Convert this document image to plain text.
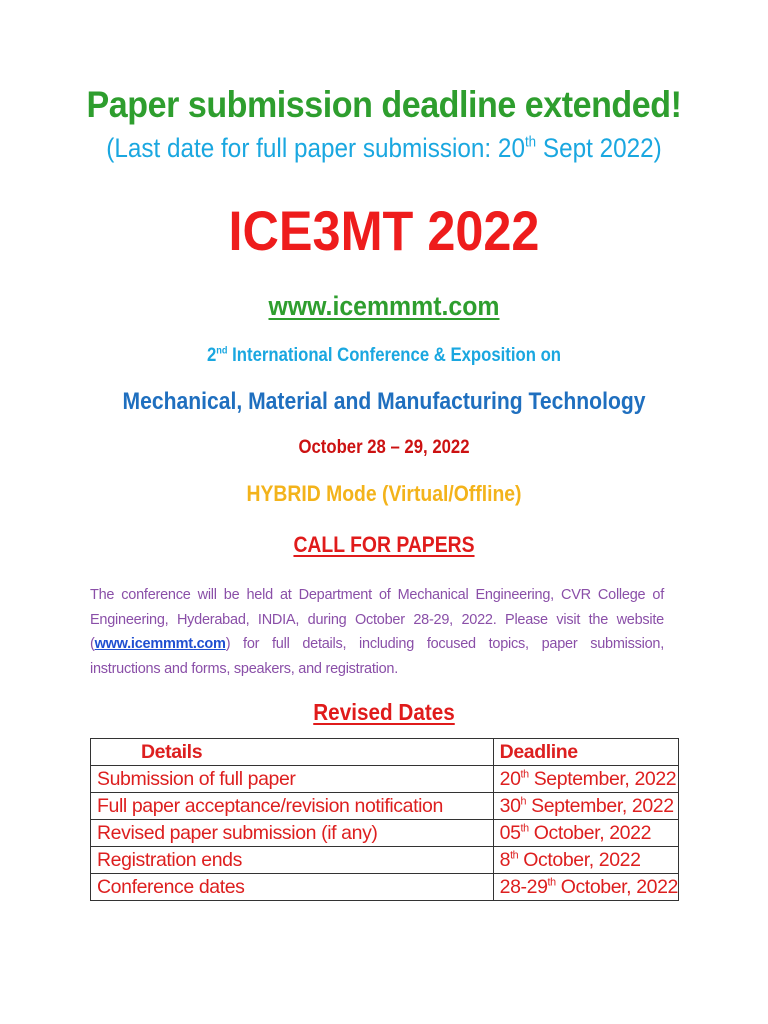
Paper submission deadline extended!
(Last date for full paper submission: 20th Sept 2022)
ICE3MT 2022
www.icemmmt.com
2nd International Conference & Exposition on
Mechanical, Material and Manufacturing Technology
October 28 – 29, 2022
HYBRID Mode (Virtual/Offline)
CALL FOR PAPERS
The conference will be held at Department of Mechanical Engineering, CVR College of Engineering, Hyderabad, INDIA, during October 28-29, 2022. Please visit the website (www.icemmmt.com) for full details, including focused topics, paper submission, instructions and forms, speakers, and registration.
Revised Dates
Details	Deadline
Submission of full paper	20th September, 2022
Full paper acceptance/revision notification	30$^h$ September, 2022
Revised paper submission (if any)	05th October, 2022
Registration ends	8th October, 2022
Conference dates	28-29th October, 2022
